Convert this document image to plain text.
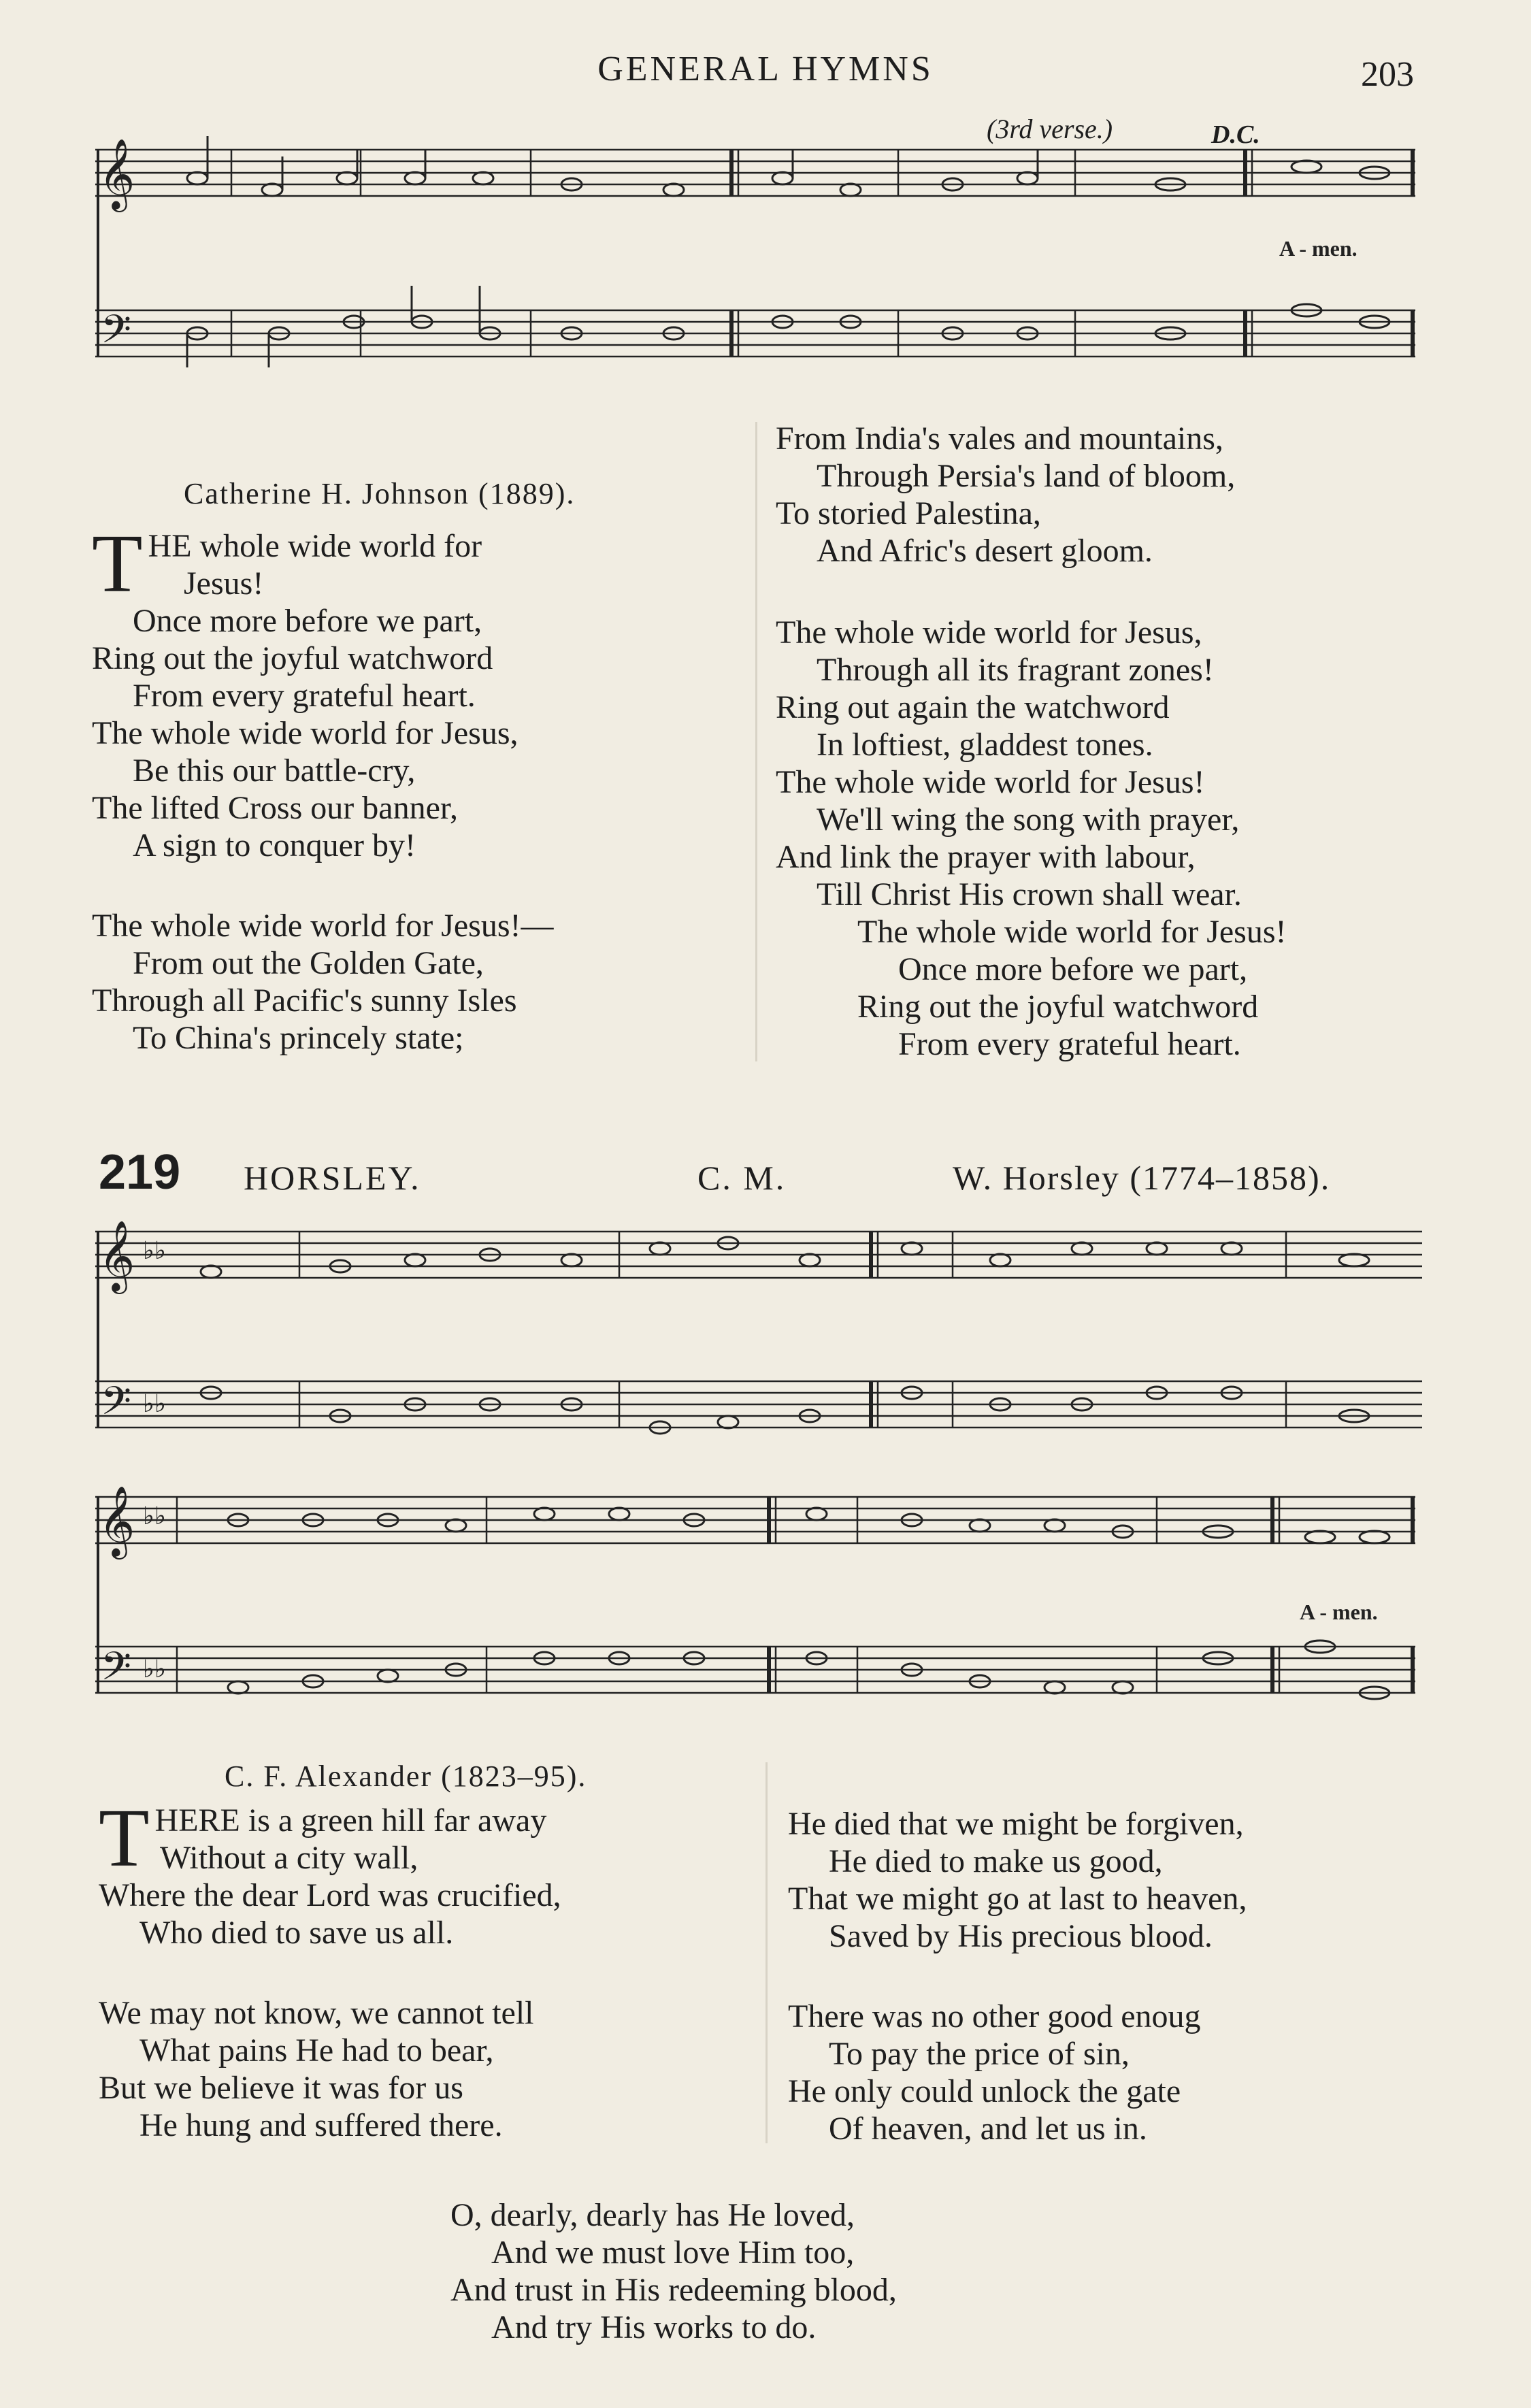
GENERAL HYMNS	203
(3rd verse.)	D.C.
𝄞
𝄢
A - men.
Catherine H. Johnson (1889).
T HE whole wide world for
Jesus!
Once more before we part,
Ring out the joyful watchword
From every grateful heart.
The whole wide world for Jesus,
Be this our battle-cry,
The lifted Cross our banner,
A sign to conquer by!
The whole wide world for Jesus!—
From out the Golden Gate,
Through all Pacific's sunny Isles
To China's princely state;
From India's vales and mountains,
Through Persia's land of bloom,
To storied Palestina,
And Afric's desert gloom.
The whole wide world for Jesus,
Through all its fragrant zones!
Ring out again the watchword
In loftiest, gladdest tones.
The whole wide world for Jesus!
We'll wing the song with prayer,
And link the prayer with labour,
Till Christ His crown shall wear.
The whole wide world for Jesus!
Once more before we part,
Ring out the joyful watchword
From every grateful heart.
219 HORSLEY.	C. M.	W. Horsley (1774–1858).
𝄞
𝄢
♭♭
♭♭
𝄞
𝄢
♭♭
♭♭
A - men.
C. F. Alexander (1823–95).
T HERE is a green hill far away
Without a city wall,
Where the dear Lord was crucified,
Who died to save us all.
We may not know, we cannot tell
What pains He had to bear,
But we believe it was for us
He hung and suffered there.
He died that we might be forgiven,
He died to make us good,
That we might go at last to heaven,
Saved by His precious blood.
There was no other good enoug
To pay the price of sin,
He only could unlock the gate
Of heaven, and let us in.
O, dearly, dearly has He loved,
And we must love Him too,
And trust in His redeeming blood,
And try His works to do.
